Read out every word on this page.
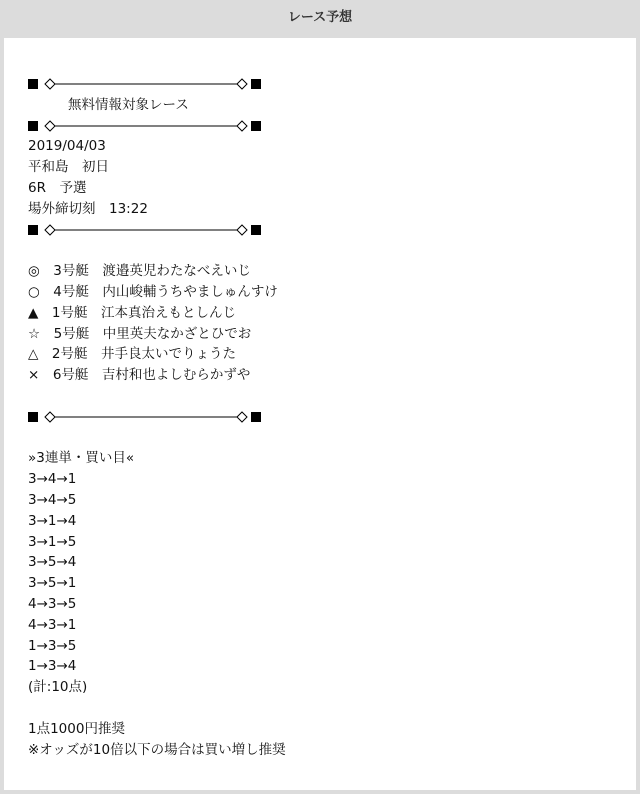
レース予想
無料情報対象レース
2019/04/03
平和島　初日
6R　予選
場外締切刻　13:22
◎　 3号艇　渡邉英児わたなべえいじ
○　 4号艇　内山峻輔うちやましゅんすけ
▲　 1号艇　江本真治えもとしんじ
☆　 5号艇　中里英夫なかざとひでお
△　 2号艇　井手良太いでりょうた
×　 6号艇　吉村和也よしむらかずや
»3連単・買い目«
3→4→1
3→4→5
3→1→4
3→1→5
3→5→4
3→5→1
4→3→5
4→3→1
1→3→5
1→3→4
(計:10点)
1点1000円推奨
※オッズが10倍以下の場合は買い増し推奨
